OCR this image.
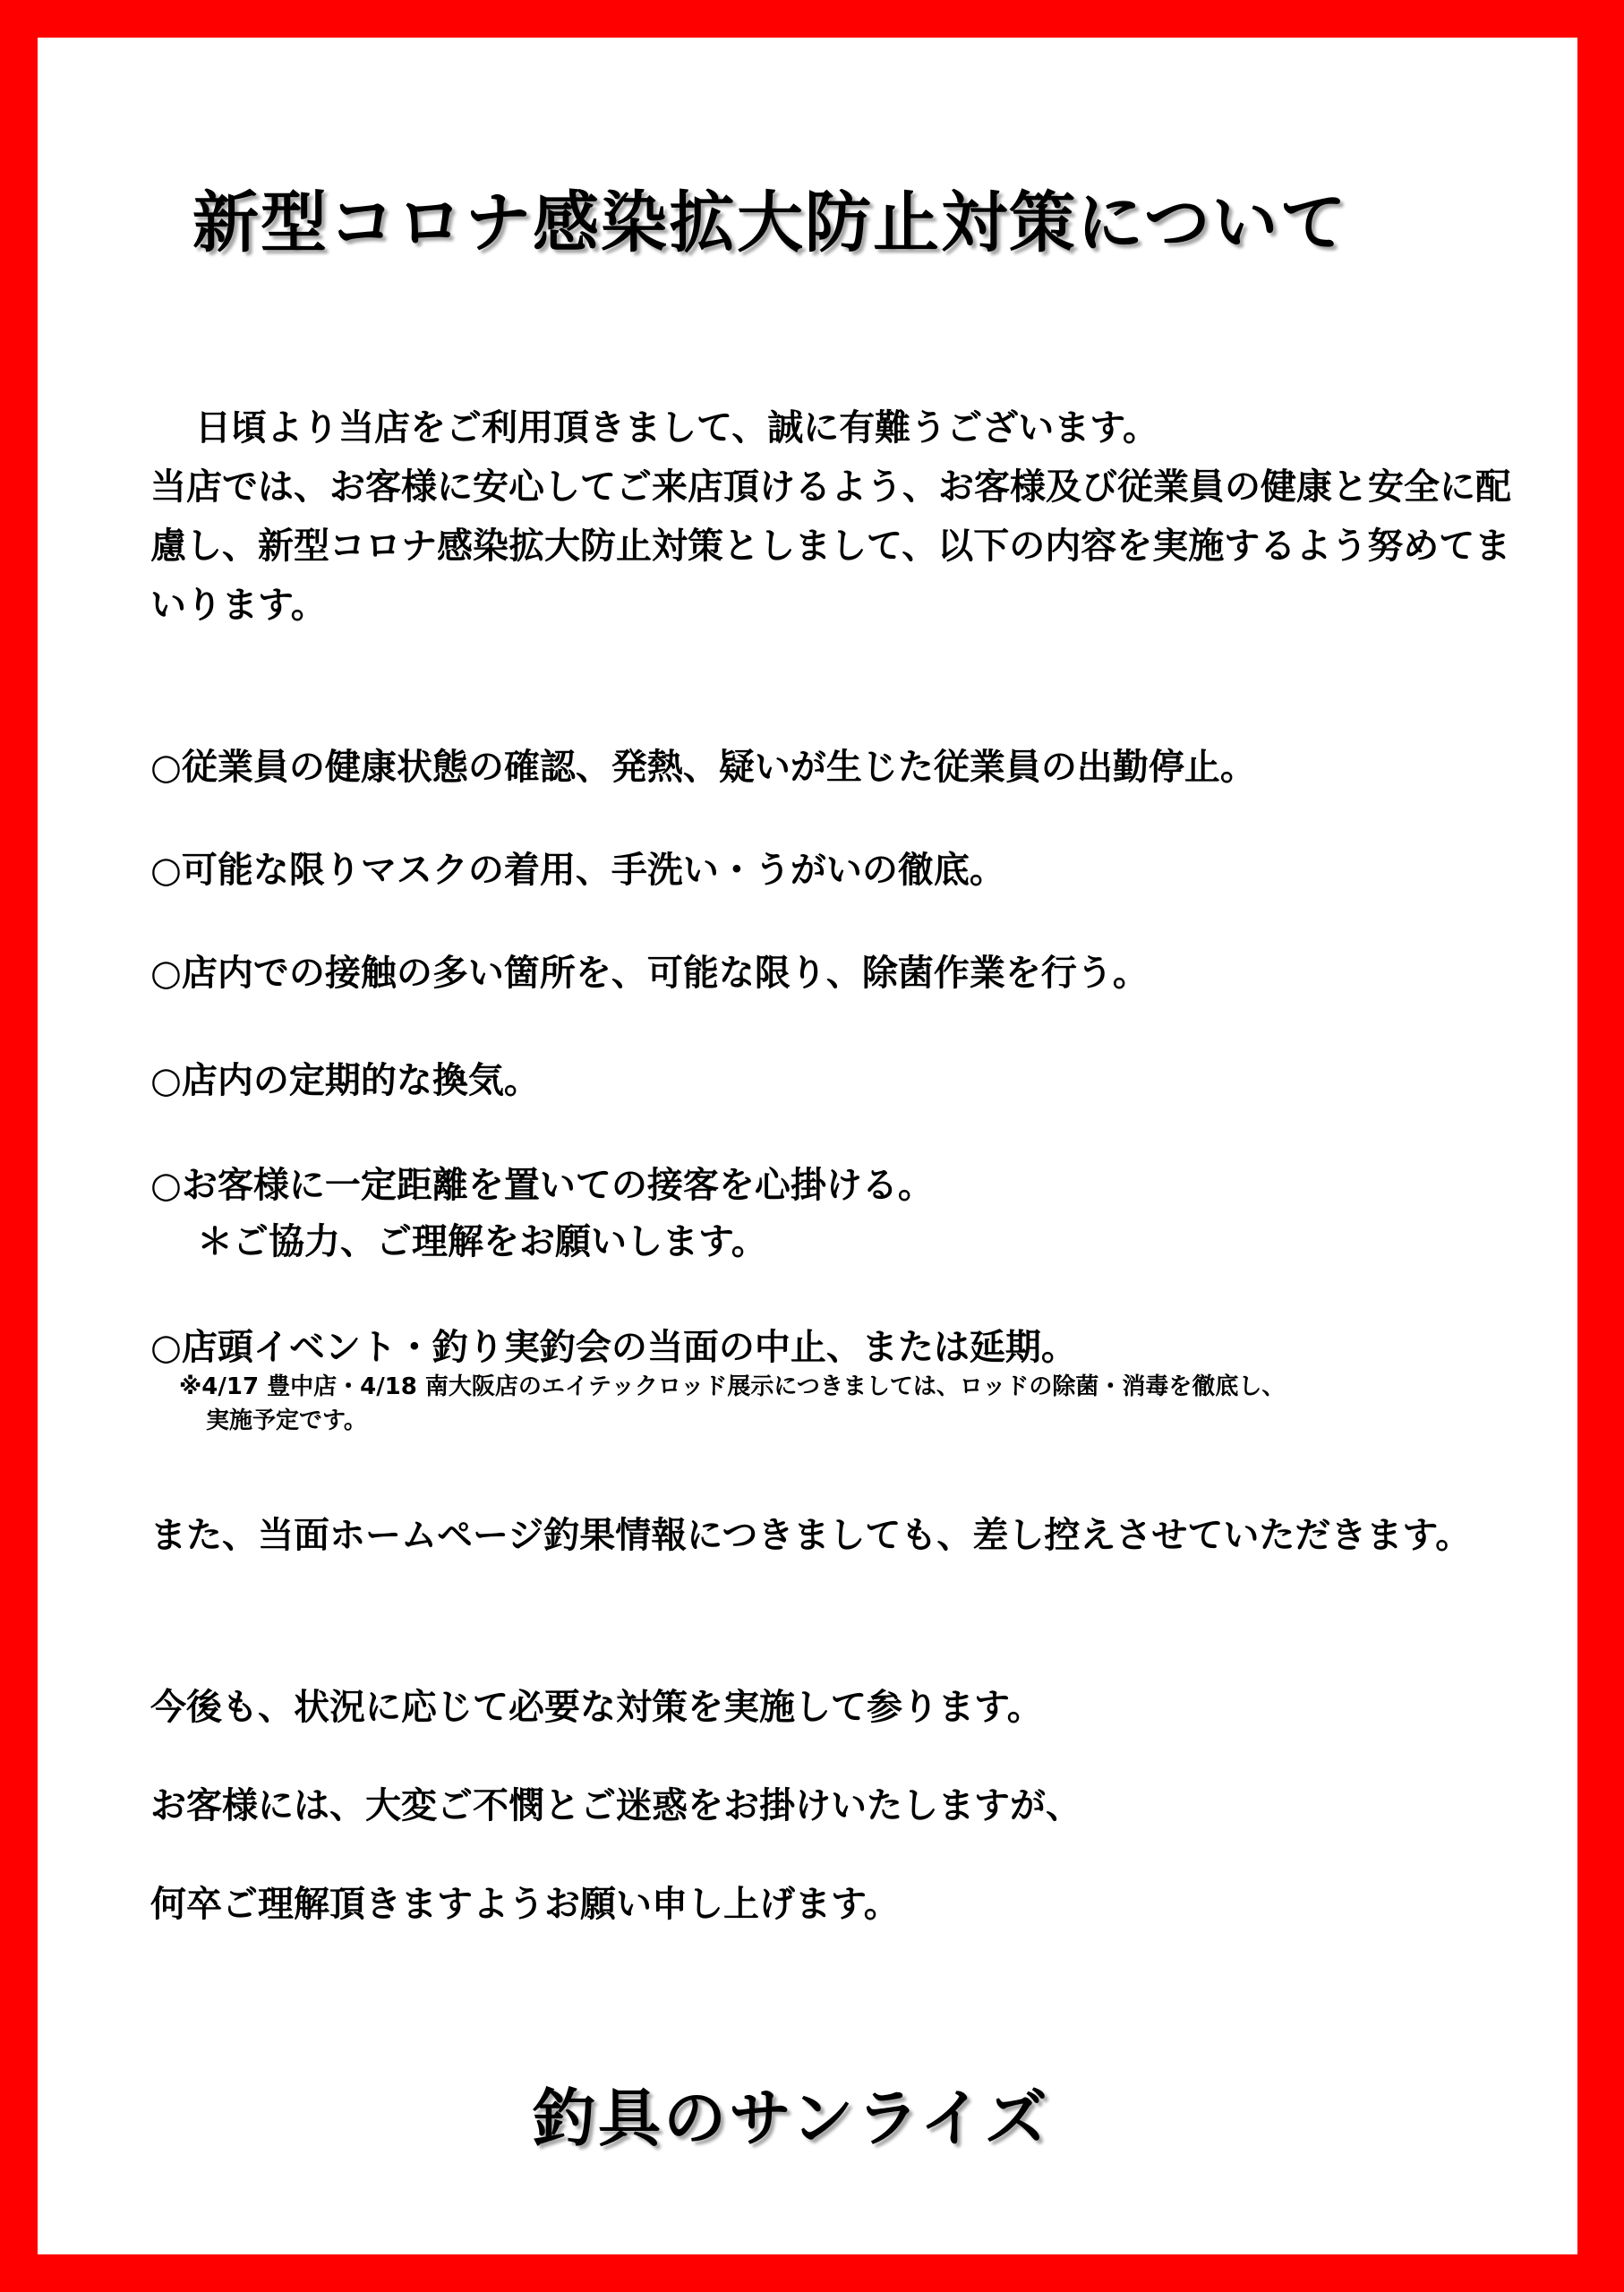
新型コロナ感染拡大防止対策について

日頃より当店をご利用頂きまして、誠に有難うございます。

当店では、お客様に安心してご来店頂けるよう、お客様及び従業員の健康と安全に配慮し、新型コロナ感染拡大防止対策としまして、以下の内容を実施するよう努めてまいります。

○従業員の健康状態の確認、発熱、疑いが生じた従業員の出勤停止。
○可能な限りマスクの着用、手洗い・うがいの徹底。
○店内での接触の多い箇所を、可能な限り、除菌作業を行う。
○店内の定期的な換気。
○お客様に一定距離を置いての接客を心掛ける。
＊ご協力、ご理解をお願いします。
○店頭イベント・釣り実釣会の当面の中止、または延期。
※4/17 豊中店・4/18 南大阪店のエイテックロッド展示につきましては、ロッドの除菌・消毒を徹底し、
実施予定です。
また、当面ホームページ釣果情報につきましても、差し控えさせていただきます。
今後も、状況に応じて必要な対策を実施して参ります。
お客様には、大変ご不憫とご迷惑をお掛けいたしますが、
何卒ご理解頂きますようお願い申し上げます。
釣具のサンライズ
